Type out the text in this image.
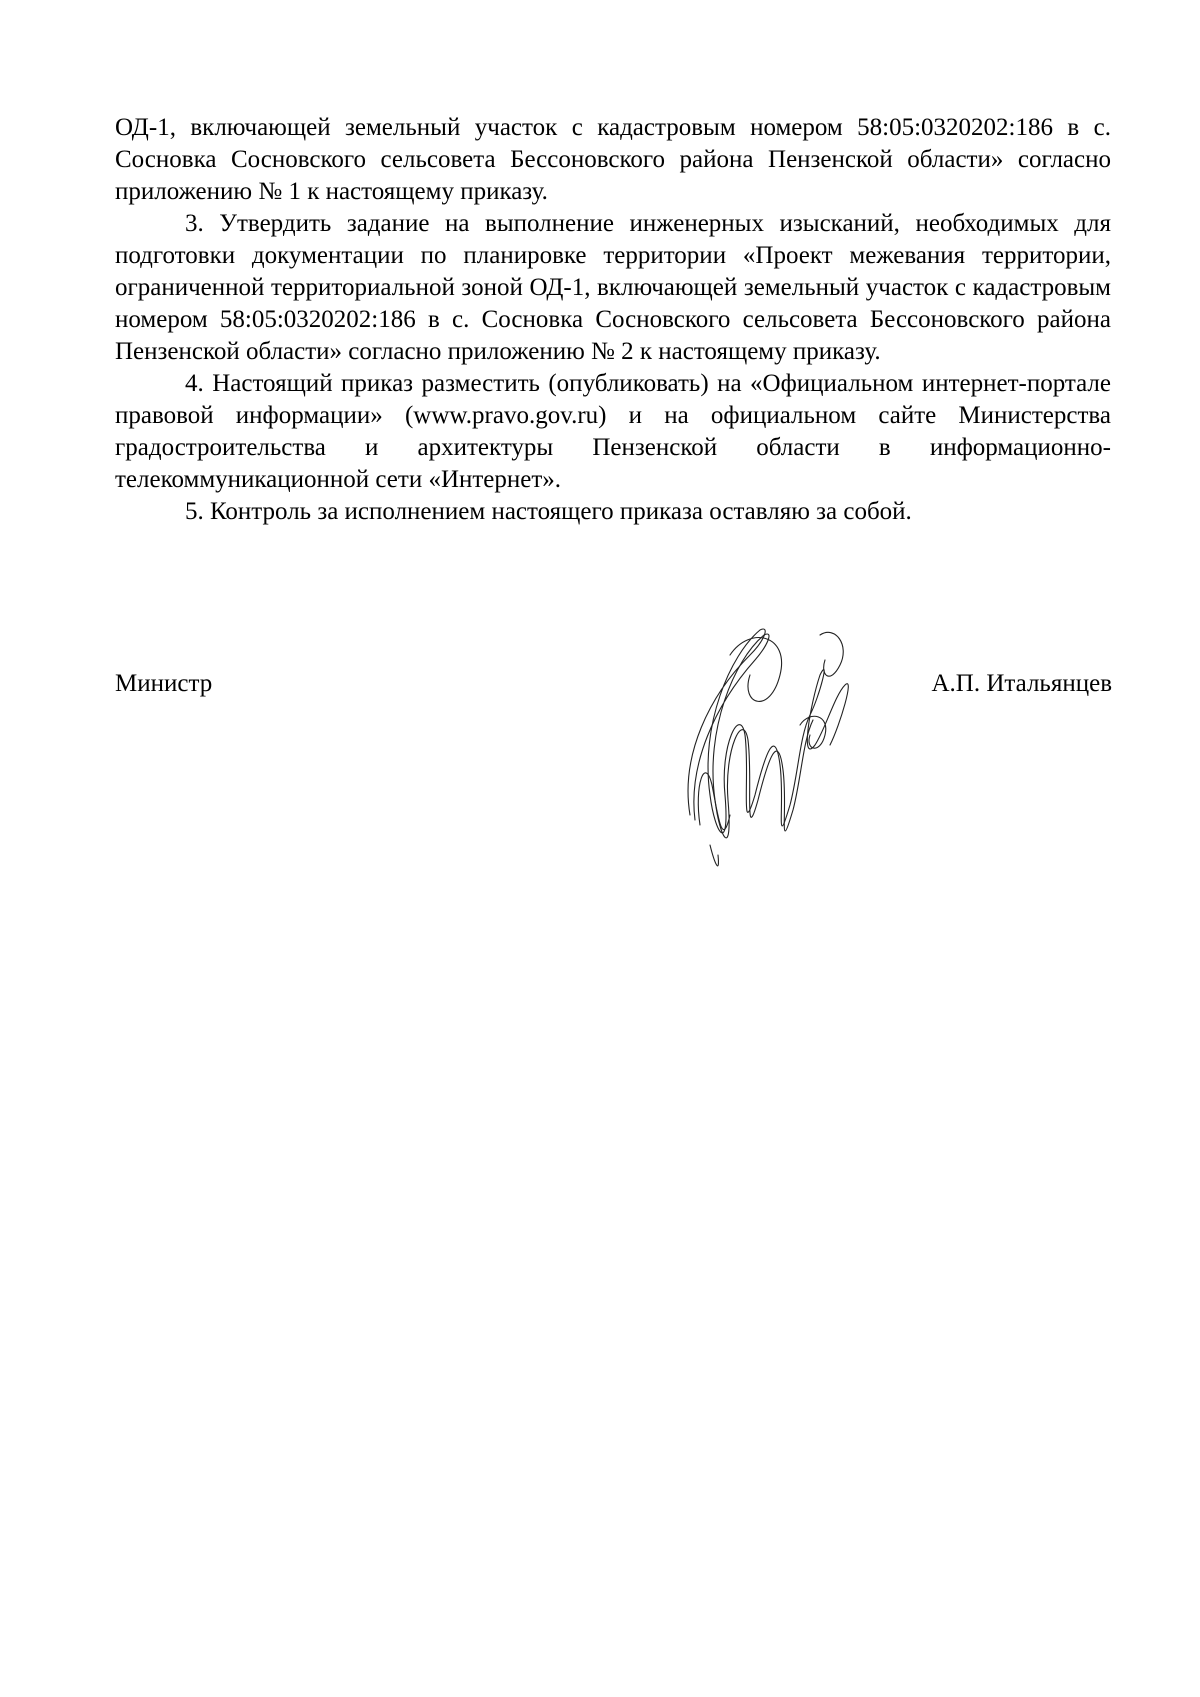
ОД-1, включающей земельный участок с кадастровым номером 58:05:0320202:186 в с. Сосновка Сосновского сельсовета Бессоновского района Пензенской области» согласно приложению № 1 к настоящему приказу.

3. Утвердить задание на выполнение инженерных изысканий, необходимых для подготовки документации по планировке территории «Проект межевания территории, ограниченной территориальной зоной ОД-1, включающей земельный участок с кадастровым номером 58:05:0320202:186 в с. Сосновка Сосновского сельсовета Бессоновского района Пензенской области» согласно приложению № 2 к настоящему приказу.

4. Настоящий приказ разместить (опубликовать) на «Официальном интернет-портале правовой информации» (www.pravo.gov.ru) и на официальном сайте Министерства градостроительства и архитектуры Пензенской области в информационно-телекоммуникационной сети «Интернет».

5. Контроль за исполнением настоящего приказа оставляю за собой.

Министр	А.П. Итальянцев
